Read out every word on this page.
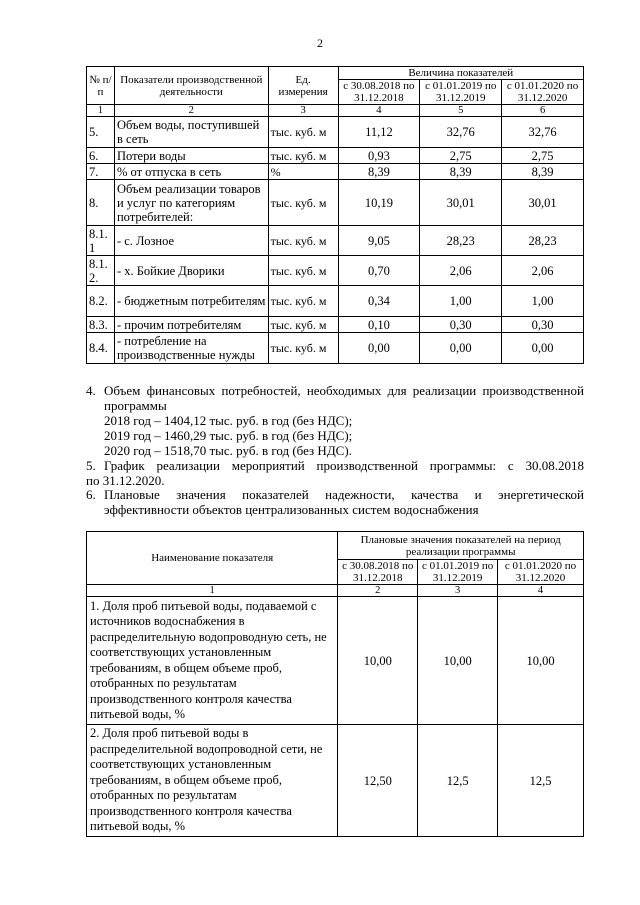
2
№ п/п	Показатели производственной деятельности	Ед. измерения	Величина показателей		
			с 30.08.2018 по 31.12.2018	с 01.01.2019 по 31.12.2019	с 01.01.2020 по 31.12.2020
1	2	3	4	5	6
5.	Объем воды, поступившей в сеть	тыс. куб. м	11,12	32,76	32,76
6.	Потери воды	тыс. куб. м	0,93	2,75	2,75
7.	% от отпуска в сеть	%	8,39	8,39	8,39
8.	Объем реализации товаров и услуг по категориям потребителей:	тыс. куб. м	10,19	30,01	30,01
8.1. 1	- с. Лозное	тыс. куб. м	9,05	28,23	28,23
8.1. 2.	- х. Бойкие Дворики	тыс. куб. м	0,70	2,06	2,06
8.2.	- бюджетным потребителям	тыс. куб. м	0,34	1,00	1,00
8.3.	- прочим потребителям	тыс. куб. м	0,10	0,30	0,30
8.4.	- потребление на производственные нужды	тыс. куб. м	0,00	0,00	0,00
4. Объем финансовых потребностей, необходимых для реализации производственной
программы
2018 год – 1404,12 тыс. руб. в год (без НДС);
2019 год – 1460,29 тыс. руб. в год (без НДС);
2020 год – 1518,70 тыс. руб. в год (без НДС).
5. График реализации мероприятий производственной программы: с 30.08.2018
по 31.12.2020.
6. Плановые значения показателей надежности, качества и энергетической
эффективности объектов централизованных систем водоснабжения
Наименование показателя	Плановые значения показателей на период реализации программы		
	с 30.08.2018 по 31.12.2018	с 01.01.2019 по 31.12.2019	с 01.01.2020 по 31.12.2020
1	2	3	4
1. Доля проб питьевой воды, подаваемой с источников водоснабжения в распределительную водопроводную сеть, не соответствующих установленным требованиям, в общем объеме проб, отобранных по результатам производственного контроля качества питьевой воды, %	10,00	10,00	10,00
2. Доля проб питьевой воды в распределительной водопроводной сети, не соответствующих установленным требованиям, в общем объеме проб, отобранных по результатам производственного контроля качества питьевой воды, %	12,50	12,5	12,5
